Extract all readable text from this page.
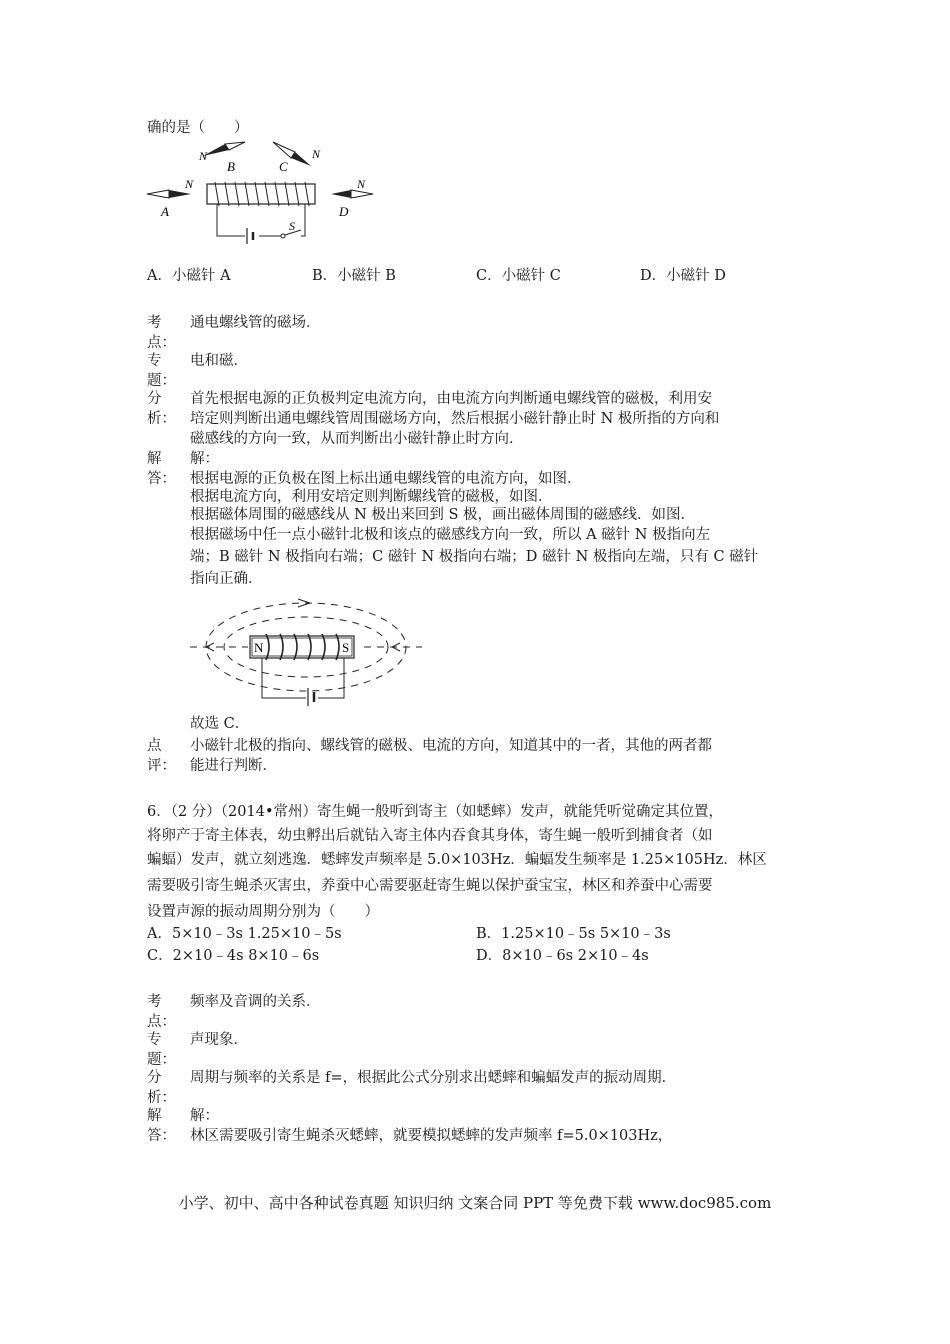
确的是（　　）
N
B
N
C
N
A
N
D
S
A．小磁针 A	B．小磁针 B	C．小磁针 C	D．小磁针 D
考
点：
通电螺线管的磁场．
专
题：
电和磁．
分
析：
首先根据电源的正负极判定电流方向，由电流方向判断通电螺线管的磁极，利用安
培定则判断出通电螺线管周围磁场方向，然后根据小磁针静止时 N 极所指的方向和
磁感线的方向一致，从而判断出小磁针静止时方向．
解
答：
解：
根据电源的正负极在图上标出通电螺线管的电流方向，如图．
根据电流方向，利用安培定则判断螺线管的磁极，如图．
根据磁体周围的磁感线从 N 极出来回到 S 极，画出磁体周围的磁感线．如图．
根据磁场中任一点小磁针北极和该点的磁感线方向一致，所以 A 磁针 N 极指向左
端；B 磁针 N 极指向右端；C 磁针 N 极指向右端；D 磁针 N 极指向左端，只有 C 磁针
指向正确．
N	S
故选 C．
点
评：
小磁针北极的指向、螺线管的磁极、电流的方向，知道其中的一者，其他的两者都
能进行判断．
6．（2 分）（2014•常州）寄生蝇一般听到寄主（如蟋蟀）发声，就能凭听觉确定其位置，
将卵产于寄主体表，幼虫孵出后就钻入寄主体内吞食其身体，寄生蝇一般听到捕食者（如
蝙蝠）发声，就立刻逃逸．蟋蟀发声频率是 5.0×103Hz．蝙蝠发生频率是 1.25×105Hz．林区
需要吸引寄生蝇杀灭害虫，养蚕中心需要驱赶寄生蝇以保护蚕宝宝，林区和养蚕中心需要
设置声源的振动周期分别为（　　）
A．5×10﹣3s 1.25×10﹣5s	B．1.25×10﹣5s 5×10﹣3s
C．2×10﹣4s 8×10﹣6s	D．8×10﹣6s 2×10﹣4s
考
点：
频率及音调的关系．
专
题：
声现象．
分
析：
周期与频率的关系是 f=，根据此公式分别求出蟋蟀和蝙蝠发声的振动周期．
解
答：
解：
林区需要吸引寄生蝇杀灭蟋蟀，就要模拟蟋蟀的发声频率 f=5.0×103Hz，
小学、初中、高中各种试卷真题 知识归纳 文案合同 PPT 等免费下载 www.doc985.com
